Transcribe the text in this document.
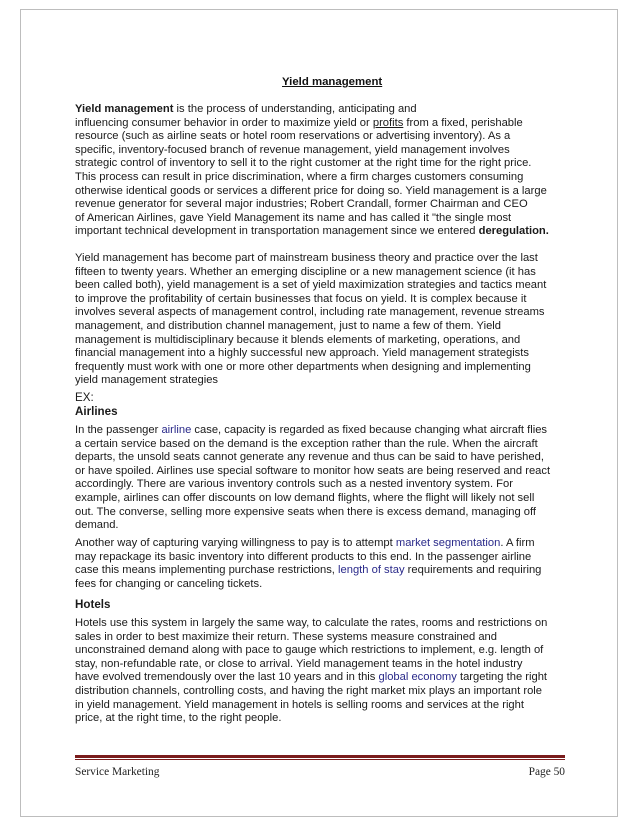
Yield management

Yield management is the process of understanding, anticipating and
influencing consumer behavior in order to maximize yield or profits from a fixed, perishable
resource (such as airline seats or hotel room reservations or advertising inventory). As a
specific, inventory-focused branch of revenue management, yield management involves
strategic control of inventory to sell it to the right customer at the right time for the right price.
This process can result in price discrimination, where a firm charges customers consuming
otherwise identical goods or services a different price for doing so. Yield management is a large
revenue generator for several major industries; Robert Crandall, former Chairman and CEO
of American Airlines, gave Yield Management its name and has called it "the single most
important technical development in transportation management since we entered deregulation.

Yield management has become part of mainstream business theory and practice over the last
fifteen to twenty years. Whether an emerging discipline or a new management science (it has
been called both), yield management is a set of yield maximization strategies and tactics meant
to improve the profitability of certain businesses that focus on yield. It is complex because it
involves several aspects of management control, including rate management, revenue streams
management, and distribution channel management, just to name a few of them. Yield
management is multidisciplinary because it blends elements of marketing, operations, and
financial management into a highly successful new approach. Yield management strategists
frequently must work with one or more other departments when designing and implementing
yield management strategies

EX:

Airlines

In the passenger airline case, capacity is regarded as fixed because changing what aircraft flies
a certain service based on the demand is the exception rather than the rule. When the aircraft
departs, the unsold seats cannot generate any revenue and thus can be said to have perished,
or have spoiled. Airlines use special software to monitor how seats are being reserved and react
accordingly. There are various inventory controls such as a nested inventory system. For
example, airlines can offer discounts on low demand flights, where the flight will likely not sell
out. The converse, selling more expensive seats when there is excess demand, managing off
demand.

Another way of capturing varying willingness to pay is to attempt market segmentation. A firm
may repackage its basic inventory into different products to this end. In the passenger airline
case this means implementing purchase restrictions, length of stay requirements and requiring
fees for changing or canceling tickets.

Hotels

Hotels use this system in largely the same way, to calculate the rates, rooms and restrictions on
sales in order to best maximize their return. These systems measure constrained and
unconstrained demand along with pace to gauge which restrictions to implement, e.g. length of
stay, non-refundable rate, or close to arrival. Yield management teams in the hotel industry
have evolved tremendously over the last 10 years and in this global economy targeting the right
distribution channels, controlling costs, and having the right market mix plays an important role
in yield management. Yield management in hotels is selling rooms and services at the right
price, at the right time, to the right people.

Service Marketing	Page 50
